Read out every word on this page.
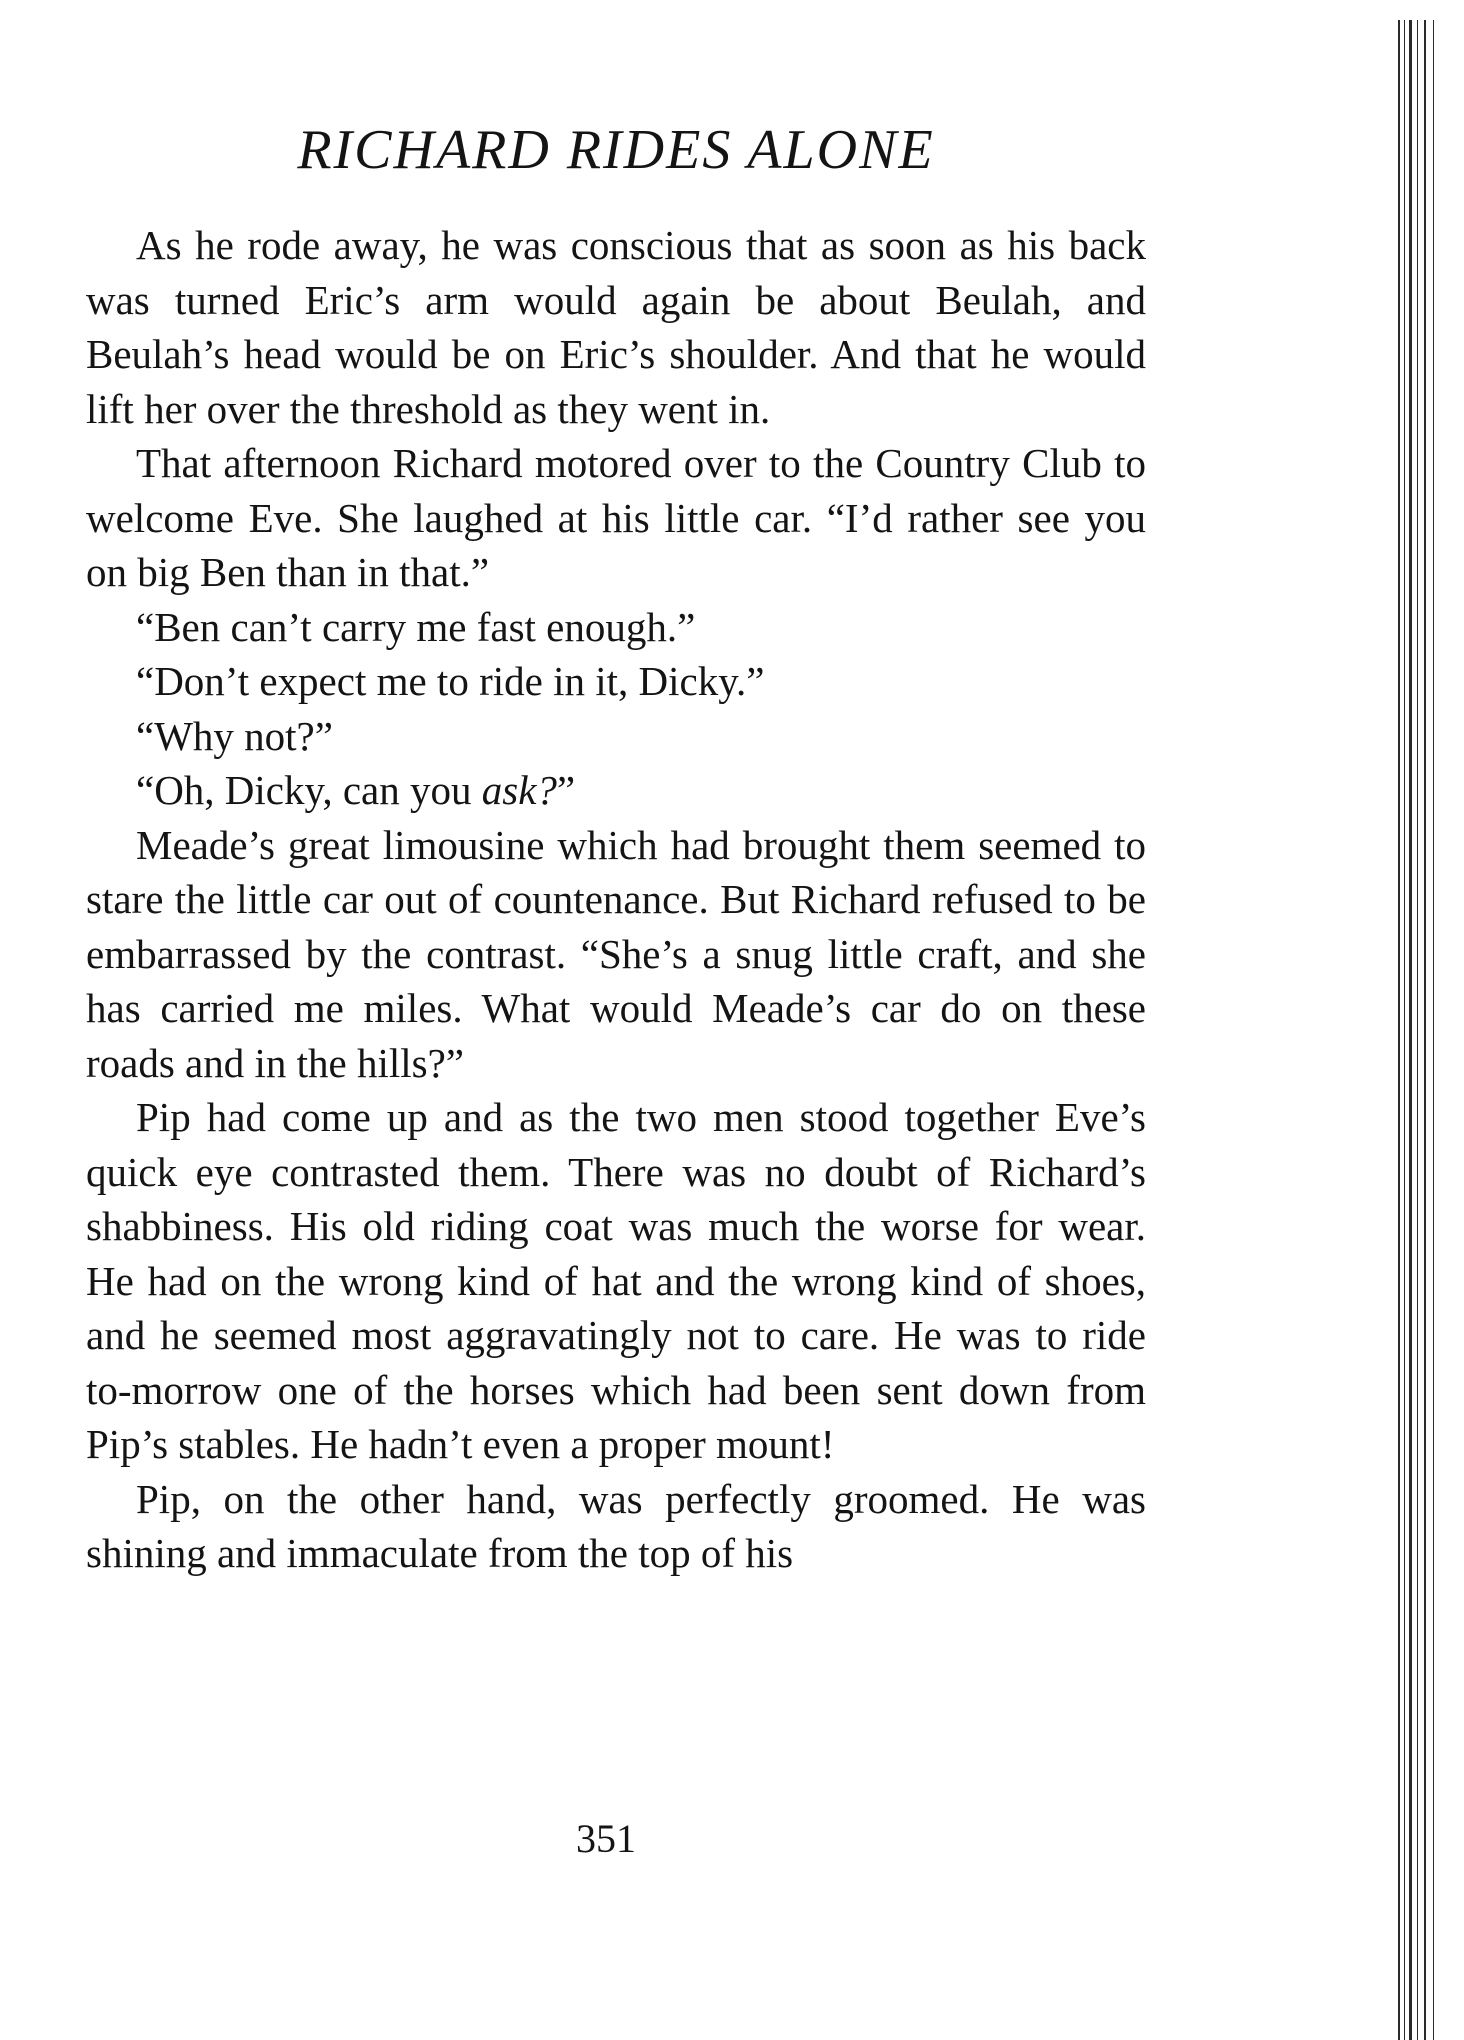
RICHARD RIDES ALONE

As he rode away, he was conscious that as soon as his back was turned Eric’s arm would again be about Beulah, and Beulah’s head would be on Eric’s shoulder. And that he would lift her over the threshold as they went in.

That afternoon Richard motored over to the Country Club to welcome Eve. She laughed at his little car. “I’d rather see you on big Ben than in that.”

“Ben can’t carry me fast enough.”
“Don’t expect me to ride in it, Dicky.”
“Why not?”
“Oh, Dicky, can you ask?”

Meade’s great limousine which had brought them seemed to stare the little car out of countenance. But Richard refused to be embarrassed by the contrast. “She’s a snug little craft, and she has carried me miles. What would Meade’s car do on these roads and in the hills?”

Pip had come up and as the two men stood together Eve’s quick eye contrasted them. There was no doubt of Richard’s shabbiness. His old riding coat was much the worse for wear. He had on the wrong kind of hat and the wrong kind of shoes, and he seemed most aggravatingly not to care. He was to ride to-morrow one of the horses which had been sent down from Pip’s stables. He hadn’t even a proper mount!

Pip, on the other hand, was perfectly groomed. He was shining and immaculate from the top of his

351
